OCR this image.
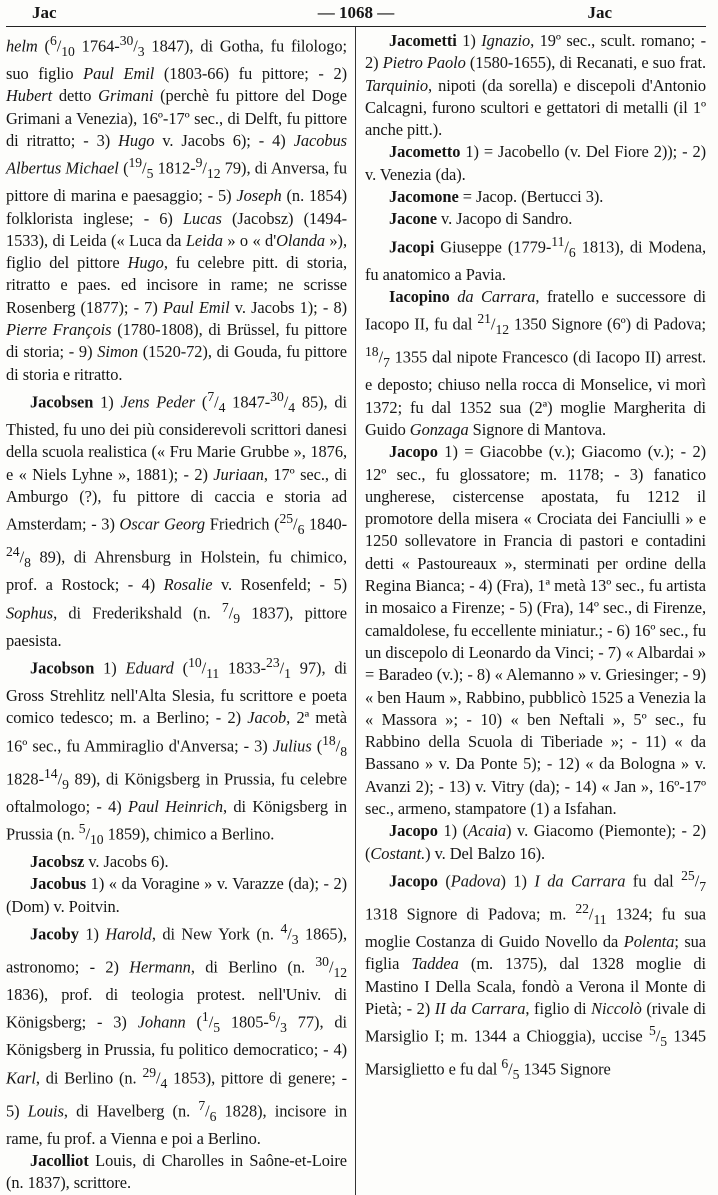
Jac	— 1068 —	Jac

helm ($^6/_{10}$ $1764-^{30}/_3$ 1847), di Gotha, fu filologo; suo figlio Paul Emil (1803-66) fu pittore; - 2) Hubert detto Grimani (perchè fu pittore del Doge Grimani a Venezia), 16º-17º sec., di Delft, fu pittore di ritratto; - 3) Hugo v. Jacobs 6); - 4) Jacobus Albertus Michael ($^{19}/_5$ $1812-^9/_{12}$ 79), di Anversa, fu pittore di marina e paesaggio; - 5) Joseph (n. 1854) folklorista inglese; - 6) Lucas (Jacobsz) (1494-1533), di Leida (« Luca da Leida » o « d'Olanda »), figlio del pittore Hugo, fu celebre pitt. di storia, ritratto e paes. ed incisore in rame; ne scrisse Rosenberg (1877); - 7) Paul Emil v. Jacobs 1); - 8) Pierre François (1780-1808), di Brüssel, fu pittore di storia; - 9) Simon (1520-72), di Gouda, fu pittore di storia e ritratto.

Jacobsen 1) Jens Peder ($^7/_4$ $1847-^{30}/_4$ 85), di Thisted, fu uno dei più considerevoli scrittori danesi della scuola realistica (« Fru Marie Grubbe », 1876, e « Niels Lyhne », 1881); - 2) Juriaan, 17º sec., di Amburgo (?), fu pittore di caccia e storia ad Amsterdam; - 3) Oscar Georg Friedrich ($^{25}/_6$ $1840-^{24}/_8$ 89), di Ahrensburg in Holstein, fu chimico, prof. a Rostock; - 4) Rosalie v. Rosenfeld; - 5) Sophus, di Frederikshald (n. $^7/_9$ 1837), pittore paesista.

Jacobson 1) Eduard ($^{10}/_{11}$ $1833-^{23}/_1$ 97), di Gross Strehlitz nell'Alta Slesia, fu scrittore e poeta comico tedesco; m. a Berlino; - 2) Jacob, 2ª metà 16º sec., fu Ammiraglio d'Anversa; - 3) Julius ($^{18}/_8$ $1828-^{14}/_9$ 89), di Königsberg in Prussia, fu celebre oftalmologo; - 4) Paul Heinrich, di Königsberg in Prussia (n. $^5/_{10}$ 1859), chimico a Berlino.

Jacobsz v. Jacobs 6).

Jacobus 1) « da Voragine » v. Varazze (da); - 2) (Dom) v. Poitvin.

Jacoby 1) Harold, di New York (n. $^4/_3$ 1865), astronomo; - 2) Hermann, di Berlino (n. $^{30}/_{12}$ 1836), prof. di teologia protest. nell'Univ. di Königsberg; - 3) Johann ($^1/_5$ $1805-^6/_3$ 77), di Königsberg in Prussia, fu politico democratico; - 4) Karl, di Berlino (n. $^{29}/_4$ 1853), pittore di genere; - 5) Louis, di Havelberg (n. $^7/_6$ 1828), incisore in rame, fu prof. a Vienna e poi a Berlino.

Jacolliot Louis, di Charolles in Saône-et-Loire (n. 1837), scrittore.

Jacometti 1) Ignazio, 19º sec., scult. romano; - 2) Pietro Paolo (1580-1655), di Recanati, e suo frat. Tarquinio, nipoti (da sorella) e discepoli d'Antonio Calcagni, furono scultori e gettatori di metalli (il 1º anche pitt.).

Jacometto 1) = Jacobello (v. Del Fiore 2)); - 2) v. Venezia (da).

Jacomone = Jacop. (Bertucci 3).

Jacone v. Jacopo di Sandro.

Jacopi Giuseppe ($1779-^{11}/_6$ 1813), di Modena, fu anatomico a Pavia.

Iacopino da Carrara, fratello e successore di Iacopo II, fu dal $^{21}/_{12}$ 1350 Signore (6º) di Padova; $^{18}/_7$ 1355 dal nipote Francesco (di Iacopo II) arrest. e deposto; chiuso nella rocca di Monselice, vi morì 1372; fu dal 1352 sua (2ª) moglie Margherita di Guido Gonzaga Signore di Mantova.

Jacopo 1) = Giacobbe (v.); Giacomo (v.); - 2) 12º sec., fu glossatore; m. 1178; - 3) fanatico ungherese, cistercense apostata, fu 1212 il promotore della misera « Crociata dei Fanciulli » e 1250 sollevatore in Francia di pastori e contadini detti « Pastoureaux », sterminati per ordine della Regina Bianca; - 4) (Fra), 1ª metà 13º sec., fu artista in mosaico a Firenze; - 5) (Fra), 14º sec., di Firenze, camaldolese, fu eccellente miniatur.; - 6) 16º sec., fu un discepolo di Leonardo da Vinci; - 7) « Albardai » = Baradeo (v.); - 8) « Alemanno » v. Griesinger; - 9) « ben Haum », Rabbino, pubblicò 1525 a Venezia la « Massora »; - 10) « ben Neftali », 5º sec., fu Rabbino della Scuola di Tiberiade »; - 11) « da Bassano » v. Da Ponte 5); - 12) « da Bologna » v. Avanzi 2); - 13) v. Vitry (da); - 14) « Jan », 16º-17º sec., armeno, stampatore (1) a Isfahan.

Jacopo 1) (Acaia) v. Giacomo (Piemonte); - 2) (Costant.) v. Del Balzo 16).

Jacopo (Padova) 1) I da Carrara fu dal $^{25}/_7$ 1318 Signore di Padova; m. $^{22}/_{11}$ 1324; fu sua moglie Costanza di Guido Novello da Polenta; sua figlia Taddea (m. 1375), dal 1328 moglie di Mastino I Della Scala, fondò a Verona il Monte di Pietà; - 2) II da Carrara, figlio di Niccolò (rivale di Marsiglio I; m. 1344 a Chioggia), uccise $^5/_5$ 1345 Marsiglietto e fu dal $^6/_5$ 1345 Signore
